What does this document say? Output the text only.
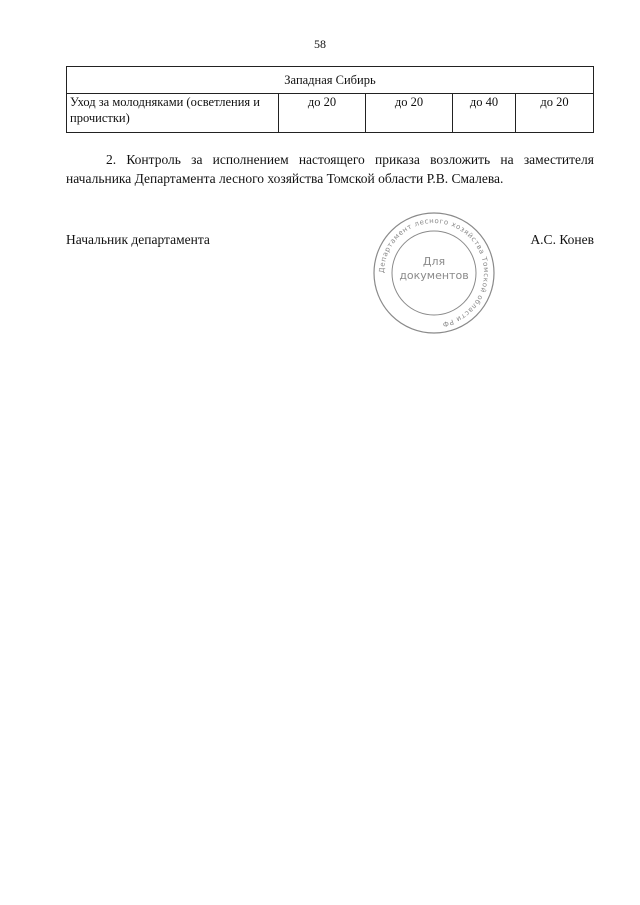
58
Западная Сибирь
Уход за молодняками (осветления и прочистки)	до 20	до 20	до 40	до 20
2. Контроль за исполнением настоящего приказа возложить на заместителя начальника Департамента лесного хозяйства Томской области Р.В. Смалева.
Начальник департамента	А.С. Конев
Департамент лесного хозяйства Томской области РФ
Для
документов
